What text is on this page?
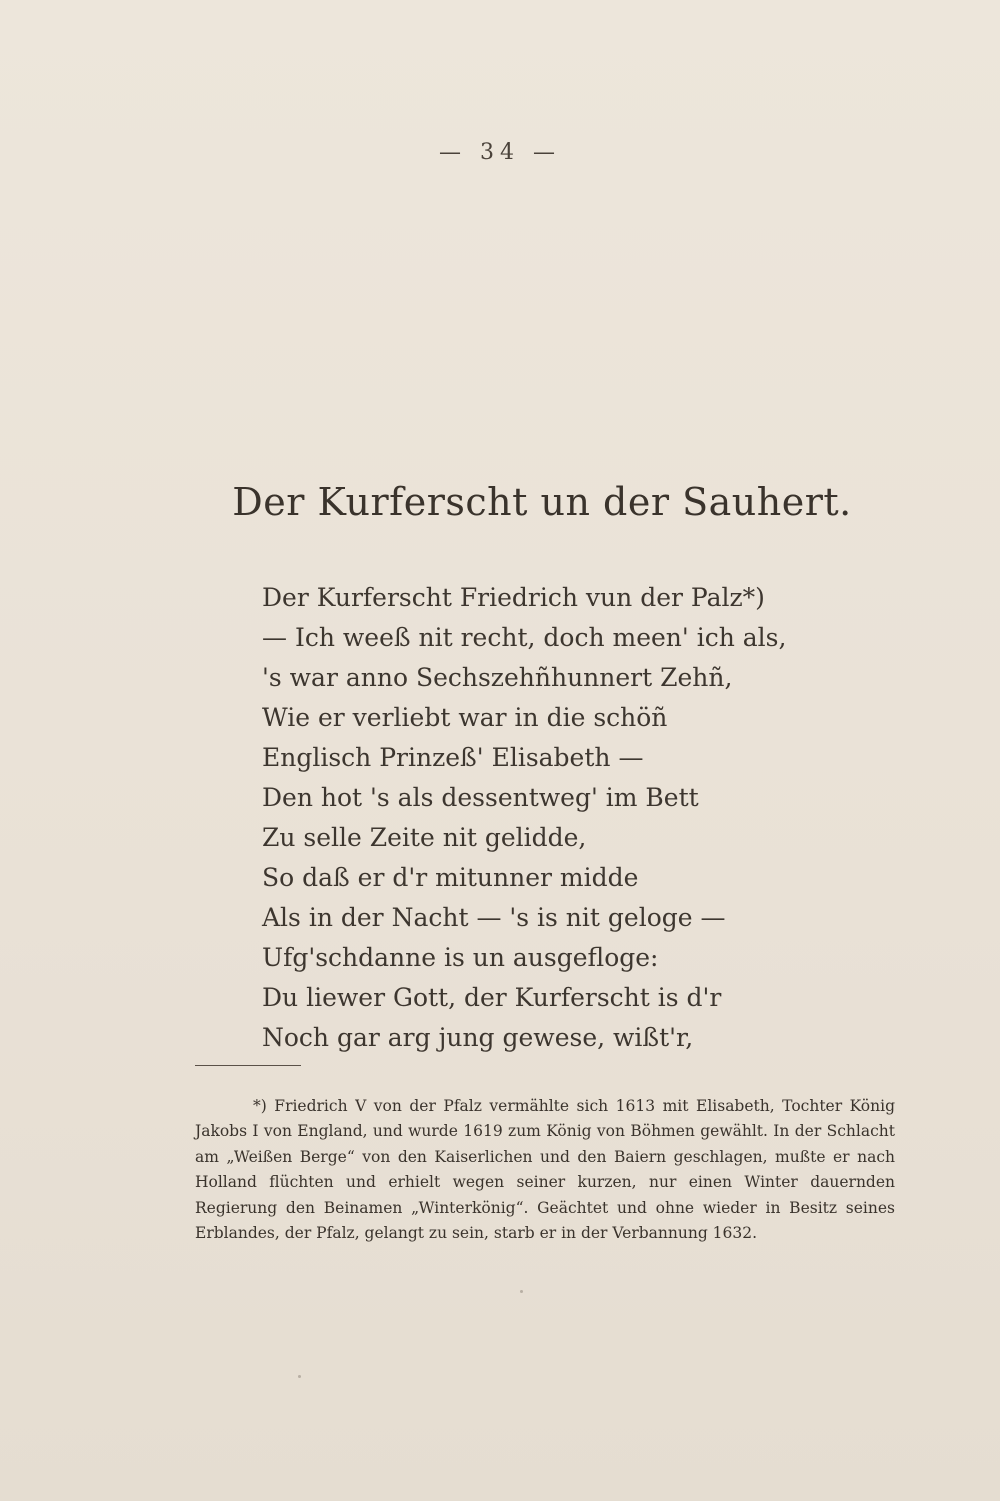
— 34 —
Der Kurferscht un der Sauhert.
Der Kurferscht Friedrich vun der Palz*)
— Ich weeß nit recht, doch meen' ich als,
's war anno Sechszehñhunnert Zehñ,
Wie er verliebt war in die schöñ
Englisch Prinzeß' Elisabeth —
Den hot 's als dessentweg' im Bett
Zu selle Zeite nit gelidde,
So daß er d'r mitunner midde
Als in der Nacht — 's is nit geloge —
Ufg'schdanne is un ausgefloge:
Du liewer Gott, der Kurferscht is d'r
Noch gar arg jung gewese, wißt'r,

*) Friedrich V von der Pfalz vermählte sich 1613 mit Elisabeth, Tochter König Jakobs I von England, und wurde 1619 zum König von Böhmen gewählt. In der Schlacht am „Weißen Berge“ von den Kaiserlichen und den Baiern geschlagen, mußte er nach Holland flüchten und erhielt wegen seiner kurzen, nur einen Winter dauernden Regierung den Beinamen „Winterkönig“. Geächtet und ohne wieder in Besitz seines Erblandes, der Pfalz, gelangt zu sein, starb er in der Verbannung 1632.
